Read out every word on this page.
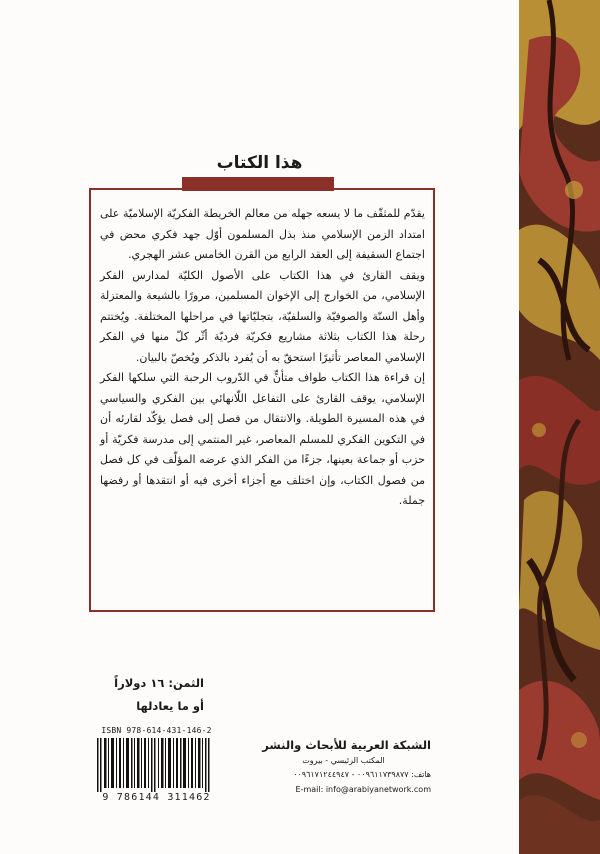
هذا الكتاب

يقدّم للمثقّف ما لا يسعه جهله من معالم الخريطة الفكريّة الإسلاميّة على امتداد الزمن الإسلامي منذ بذل المسلمون أوّل جهد فكري محض في اجتماع السقيفة إلى العقد الرابع من القرن الخامس عشر الهجري.

ويقف القارئ في هذا الكتاب على الأصول الكليّة لمدارس الفكر الإسلامي، من الخوارج إلى الإخوان المسلمين، مرورًا بالشيعة والمعتزلة وأهل السنّة والصوفيّة والسلفيّة، بتجليّاتها في مراحلها المختلفة. ويُختتم رحلة هذا الكتاب بثلاثة مشاريع فكريّة فرديّة أثّر كلّ منها في الفكر الإسلامي المعاصر تأثيرًا استحقّ به أن يُفرد بالذكر ويُخصّ بالبيان.

إن قراءة هذا الكتاب طواف متأنٍّ في الدّروب الرحبة التي سلكها الفكر الإسلامي، يوقف القارئ على التفاعل اللّانهائي بين الفكري والسياسي في هذه المسيرة الطويلة. والانتقال من فصل إلى فصل يؤكّد لقارئه أن في التكوين الفكري للمسلم المعاصر، غير المنتمي إلى مدرسة فكريّة أو حزب أو جماعة بعينها، جزءًا من الفكر الذي عرضه المؤلّف في كل فصل من فصول الكتاب، وإن اختلف مع أجزاء أخرى فيه أو انتقدها أو رفضها جملة.

الثمن: ١٦ دولاراً
أو ما يعادلها
ISBN 978-614-431-146-2
9 786144 311462
الشبكة العربية للأبحاث والنشر
المكتب الرئيسي - بيروت
هاتف: ٠٠٩٦١١٧٣٩٨٧٧ - ٠٠٩٦١٧١٢٤٤٩٤٧
E-mail: info@arabiyanetwork.com
